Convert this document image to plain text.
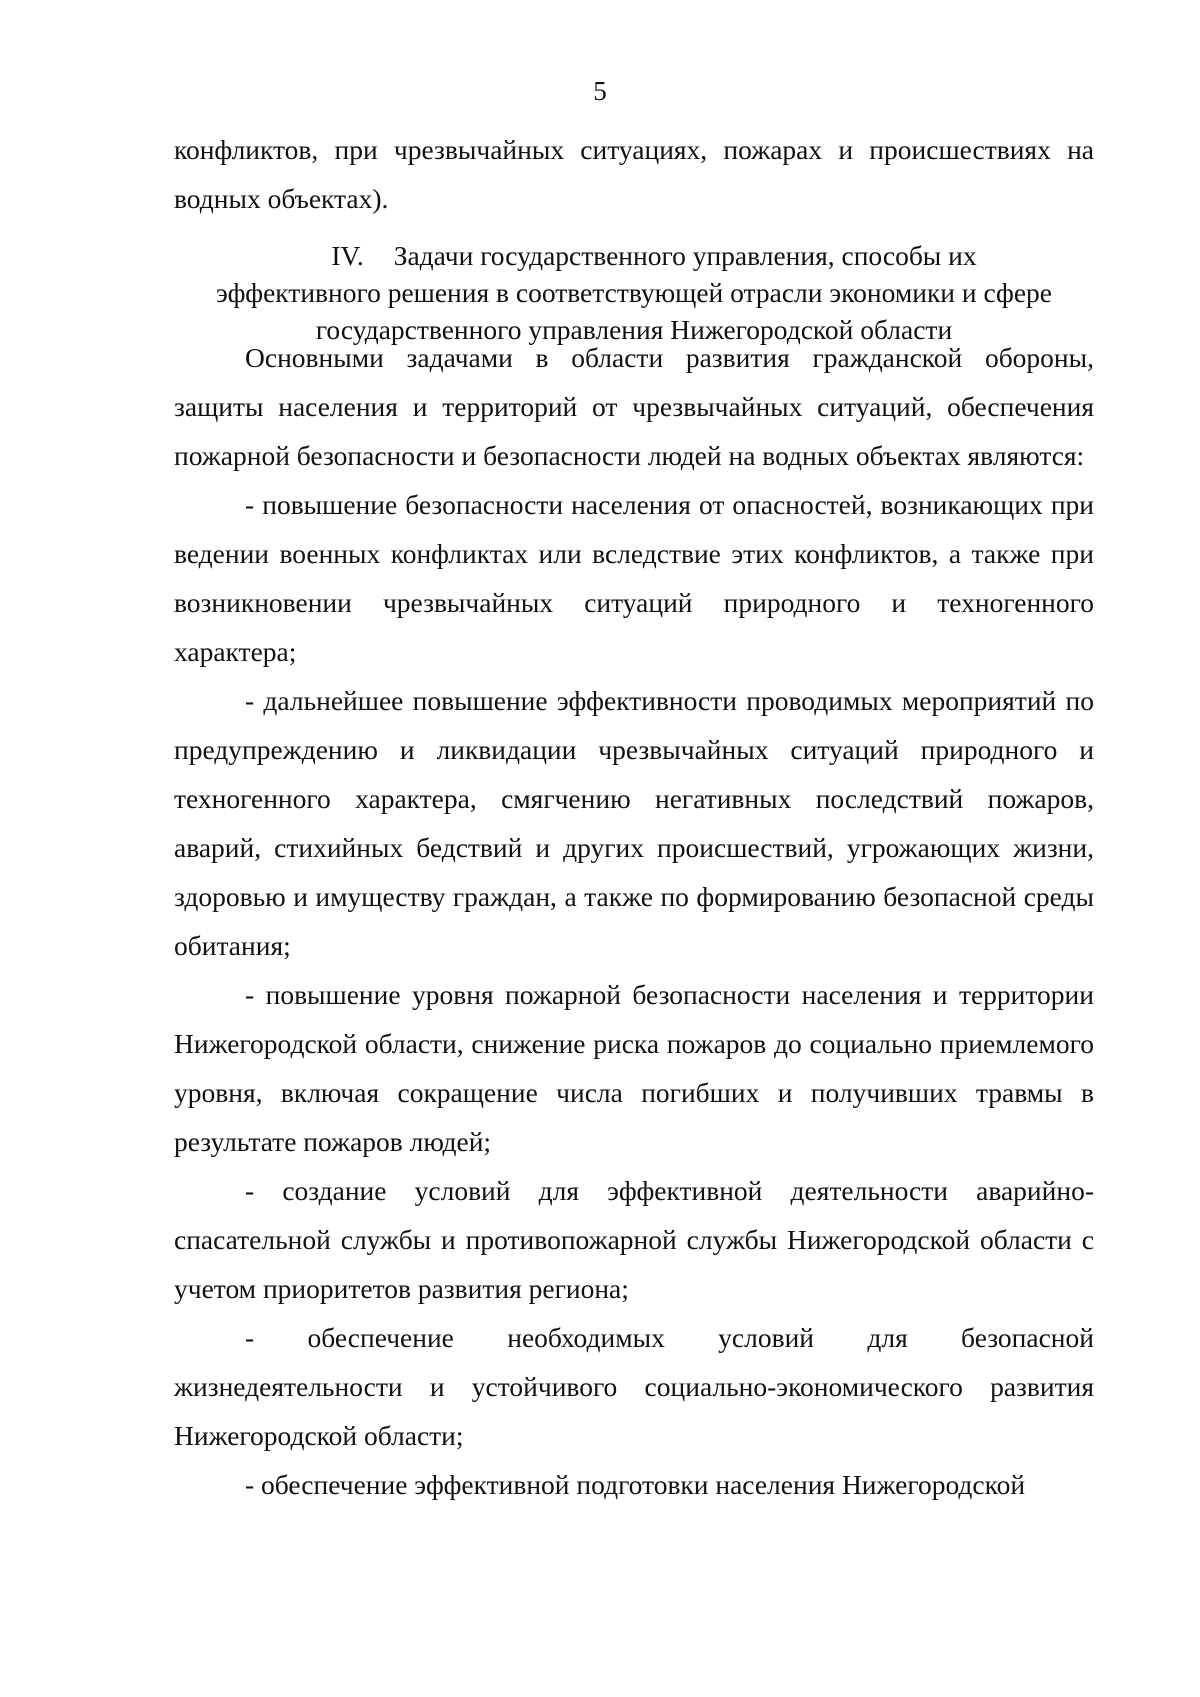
5

конфликтов, при чрезвычайных ситуациях, пожарах и происшествиях на водных объектах).

IV. Задачи государственного управления, способы их
эффективного решения в соответствующей отрасли экономики и сфере
государственного управления Нижегородской области

Основными задачами в области развития гражданской обороны, защиты населения и территорий от чрезвычайных ситуаций, обеспечения пожарной безопасности и безопасности людей на водных объектах являются:

- повышение безопасности населения от опасностей, возникающих при ведении военных конфликтах или вследствие этих конфликтов, а также при возникновении чрезвычайных ситуаций природного и техногенного характера;

- дальнейшее повышение эффективности проводимых мероприятий по предупреждению и ликвидации чрезвычайных ситуаций природного и техногенного характера, смягчению негативных последствий пожаров, аварий, стихийных бедствий и других происшествий, угрожающих жизни, здоровью и имуществу граждан, а также по формированию безопасной среды обитания;

- повышение уровня пожарной безопасности населения и территории Нижегородской области, снижение риска пожаров до социально приемлемого уровня, включая сокращение числа погибших и получивших травмы в результате пожаров людей;

- создание условий для эффективной деятельности аварийно-спасательной службы и противопожарной службы Нижегородской области с учетом приоритетов развития региона;

- обеспечение необходимых условий для безопасной жизнедеятельности и устойчивого социально-экономического развития Нижегородской области;

- обеспечение эффективной подготовки населения Нижегородской
